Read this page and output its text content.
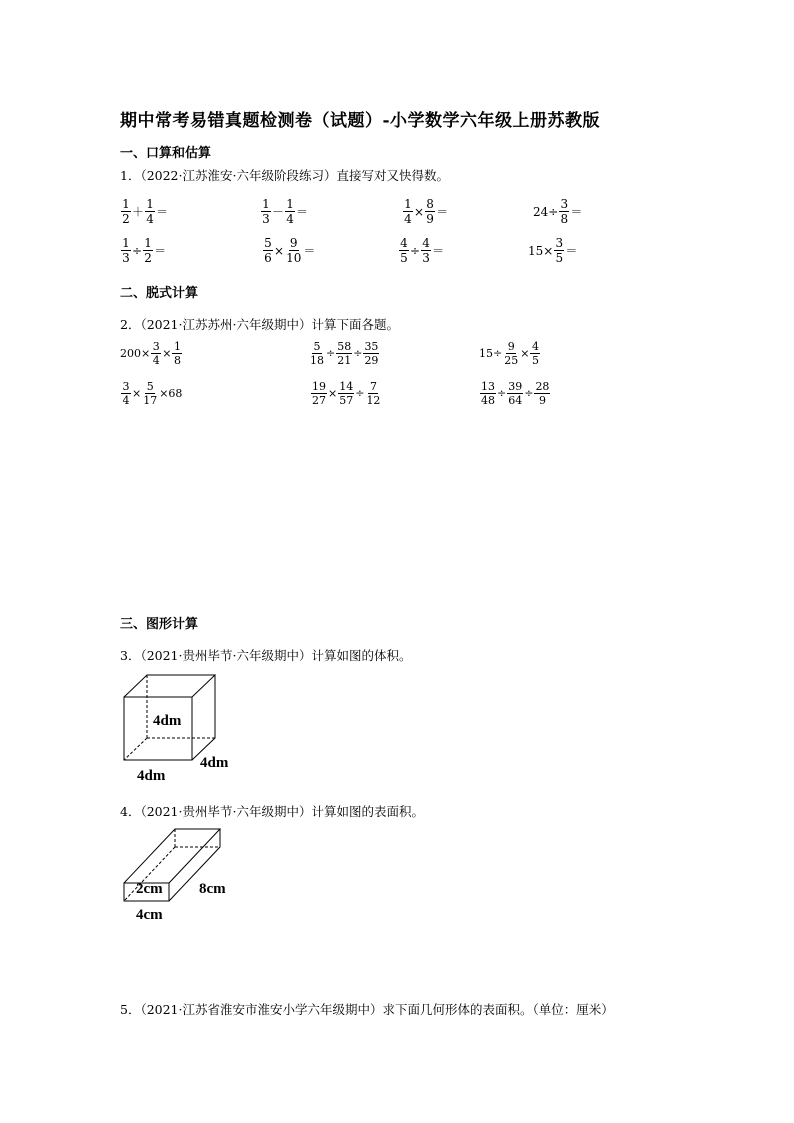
期中常考易错真题检测卷（试题）-小学数学六年级上册苏教版
一、口算和估算
1．（2022·江苏淮安·六年级阶段练习）直接写对又快得数。
$\frac{1}{2} + \frac{1}{4}$ ＝	$\frac{1}{3} - \frac{1}{4}$ ＝	$\frac{1}{4} \times \frac{8}{9}$ ＝	$24\div \frac{3}{8}$ ＝
$\frac{1}{3} \div \frac{1}{2}$ ＝	$\frac{5}{6} \times \frac{9}{10}$ ＝	$\frac{4}{5} \div \frac{4}{3}$ ＝	$15\times \frac{3}{5}$ ＝
二、脱式计算
2．（2021·江苏苏州·六年级期中）计算下面各题。
$200\times \frac{3}{4} \times \frac{1}{8}$	$\frac{5}{18} \div \frac{58}{21} \div \frac{35}{29}$	$15\div \frac{9}{25} \times \frac{4}{5}$
$\frac{3}{4} \times \frac{5}{17} \times 68$	$\frac{19}{27} \times \frac{14}{57} \div \frac{7}{12}$	$\frac{13}{48} \div \frac{39}{64} \div \frac{28}{9}$
三、图形计算
3．（2021·贵州毕节·六年级期中）计算如图的体积。
4dm
4dm
4dm
4．（2021·贵州毕节·六年级期中）计算如图的表面积。
2cm 8cm
4cm
5．（2021·江苏省淮安市淮安小学六年级期中）求下面几何形体的表面积。（单位：厘米）
